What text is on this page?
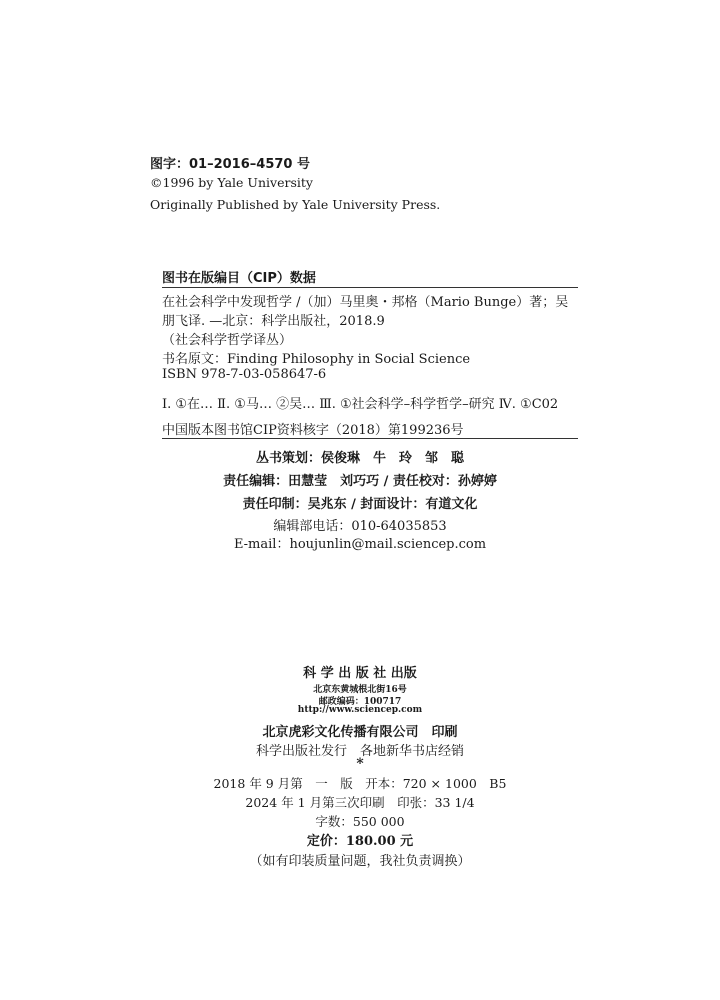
图字：01–2016–4570 号
©1996 by Yale University
Originally Published by Yale University Press.
图书在版编目（CIP）数据
在社会科学中发现哲学 /（加）马里奥・邦格（Mario Bunge）著；吴
朋飞译. —北京：科学出版社，2018.9
（社会科学哲学译丛）
书名原文：Finding Philosophy in Social Science
ISBN 978-7-03-058647-6
Ⅰ. ①在… Ⅱ. ①马… ②吴… Ⅲ. ①社会科学–科学哲学–研究 Ⅳ. ①C02
中国版本图书馆CIP资料核字（2018）第199236号
丛书策划：侯俊琳　牛　玲　邹　聪
责任编辑：田慧莹　刘巧巧 / 责任校对：孙婷婷
责任印制：吴兆东 / 封面设计：有道文化
编辑部电话：010-64035853
E-mail：houjunlin@mail.sciencep.com
科 学 出 版 社 出版
北京东黄城根北街16号
邮政编码：100717
http://www.sciencep.com
北京虎彩文化传播有限公司　印刷
科学出版社发行　各地新华书店经销
*
2018 年 9 月第　一　版　开本：720 × 1000　B5
2024 年 1 月第三次印刷　印张：33 1/4
字数：550 000
定价：180.00 元
（如有印装质量问题，我社负责调换）
